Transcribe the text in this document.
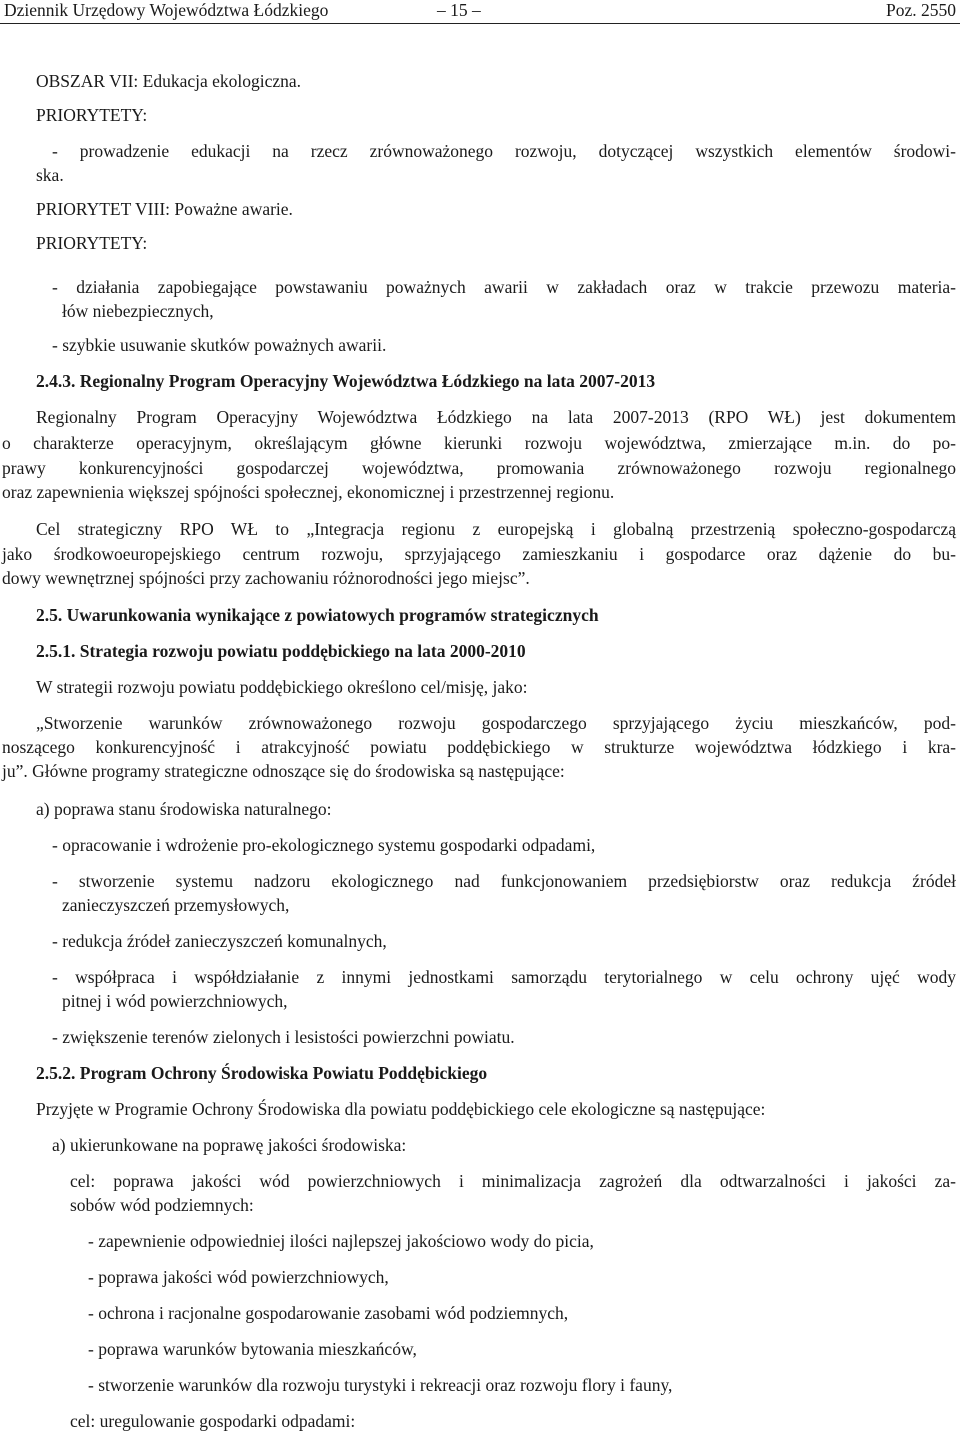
Dziennik Urzędowy Województwa Łódzkiego	– 15 –	Poz. 2550
OBSZAR VII: Edukacja ekologiczna.
PRIORYTETY:
- prowadzenie edukacji na rzecz zrównoważonego rozwoju, dotyczącej wszystkich elementów środowi-
ska.
PRIORYTET VIII: Poważne awarie.
PRIORYTETY:
- działania zapobiegające powstawaniu poważnych awarii w zakładach oraz w trakcie przewozu materia-
łów niebezpiecznych,
- szybkie usuwanie skutków poważnych awarii.
2.4.3. Regionalny Program Operacyjny Województwa Łódzkiego na lata 2007-2013
Regionalny Program Operacyjny Województwa Łódzkiego na lata 2007-2013 (RPO WŁ) jest dokumentem
o charakterze operacyjnym, określającym główne kierunki rozwoju województwa, zmierzające m.in. do po-
prawy konkurencyjności gospodarczej województwa, promowania zrównoważonego rozwoju regionalnego
oraz zapewnienia większej spójności społecznej, ekonomicznej i przestrzennej regionu.
Cel strategiczny RPO WŁ to „Integracja regionu z europejską i globalną przestrzenią społeczno-gospodarczą
jako środkowoeuropejskiego centrum rozwoju, sprzyjającego zamieszkaniu i gospodarce oraz dążenie do bu-
dowy wewnętrznej spójności przy zachowaniu różnorodności jego miejsc”.
2.5. Uwarunkowania wynikające z powiatowych programów strategicznych
2.5.1. Strategia rozwoju powiatu poddębickiego na lata 2000-2010
W strategii rozwoju powiatu poddębickiego określono cel/misję, jako:
„Stworzenie warunków zrównoważonego rozwoju gospodarczego sprzyjającego życiu mieszkańców, pod-
noszącego konkurencyjność i atrakcyjność powiatu poddębickiego w strukturze województwa łódzkiego i kra-
ju”. Główne programy strategiczne odnoszące się do środowiska są następujące:
a) poprawa stanu środowiska naturalnego:
- opracowanie i wdrożenie pro-ekologicznego systemu gospodarki odpadami,
- stworzenie systemu nadzoru ekologicznego nad funkcjonowaniem przedsiębiorstw oraz redukcja źródeł
zanieczyszczeń przemysłowych,
- redukcja źródeł zanieczyszczeń komunalnych,
- współpraca i współdziałanie z innymi jednostkami samorządu terytorialnego w celu ochrony ujęć wody
pitnej i wód powierzchniowych,
- zwiększenie terenów zielonych i lesistości powierzchni powiatu.
2.5.2. Program Ochrony Środowiska Powiatu Poddębickiego
Przyjęte w Programie Ochrony Środowiska dla powiatu poddębickiego cele ekologiczne są następujące:
a) ukierunkowane na poprawę jakości środowiska:
cel: poprawa jakości wód powierzchniowych i minimalizacja zagrożeń dla odtwarzalności i jakości za-
sobów wód podziemnych:
- zapewnienie odpowiedniej ilości najlepszej jakościowo wody do picia,
- poprawa jakości wód powierzchniowych,
- ochrona i racjonalne gospodarowanie zasobami wód podziemnych,
- poprawa warunków bytowania mieszkańców,
- stworzenie warunków dla rozwoju turystyki i rekreacji oraz rozwoju flory i fauny,
cel: uregulowanie gospodarki odpadami:
